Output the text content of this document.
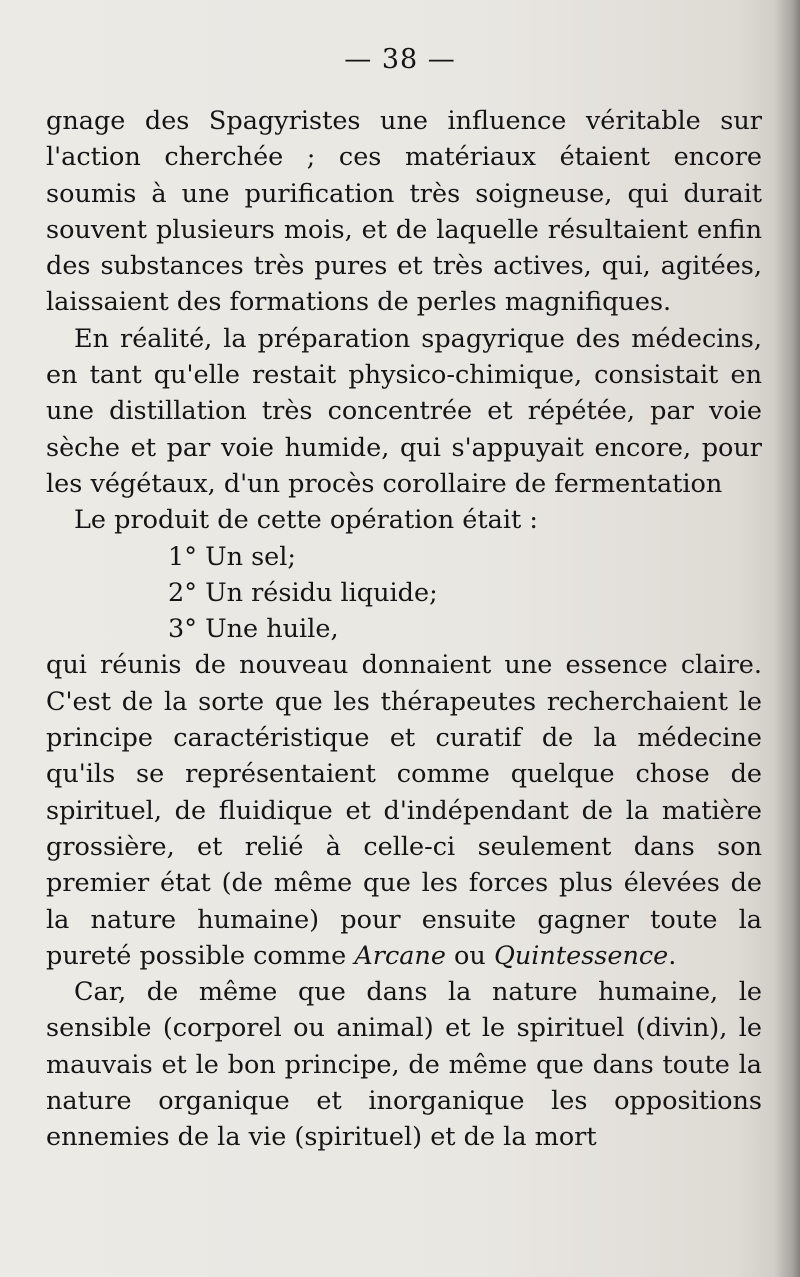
— 38 —

gnage des Spagyristes une influence véritable sur l'action cherchée ; ces matériaux étaient encore soumis à une purification très soigneuse, qui durait souvent plusieurs mois, et de laquelle résultaient enfin des substances très pures et très actives, qui, agitées, laissaient des formations de perles magnifiques.

En réalité, la préparation spagyrique des médecins, en tant qu'elle restait physico-chimique, consistait en une distillation très concentrée et répétée, par voie sèche et par voie humide, qui s'appuyait encore, pour les végétaux, d'un procès corollaire de fermentation

Le produit de cette opération était :

1° Un sel;

2° Un résidu liquide;

3° Une huile,

qui réunis de nouveau donnaient une essence claire. C'est de la sorte que les thérapeutes recherchaient le principe caractéristique et curatif de la médecine qu'ils se représentaient comme quelque chose de spirituel, de fluidique et d'indépendant de la matière grossière, et relié à celle-ci seulement dans son premier état (de même que les forces plus élevées de la nature humaine) pour ensuite gagner toute la pureté possible comme Arcane ou Quintessence.

Car, de même que dans la nature humaine, le sensible (corporel ou animal) et le spirituel (divin), le mauvais et le bon principe, de même que dans toute la nature organique et inorganique les oppositions ennemies de la vie (spirituel) et de la mort
